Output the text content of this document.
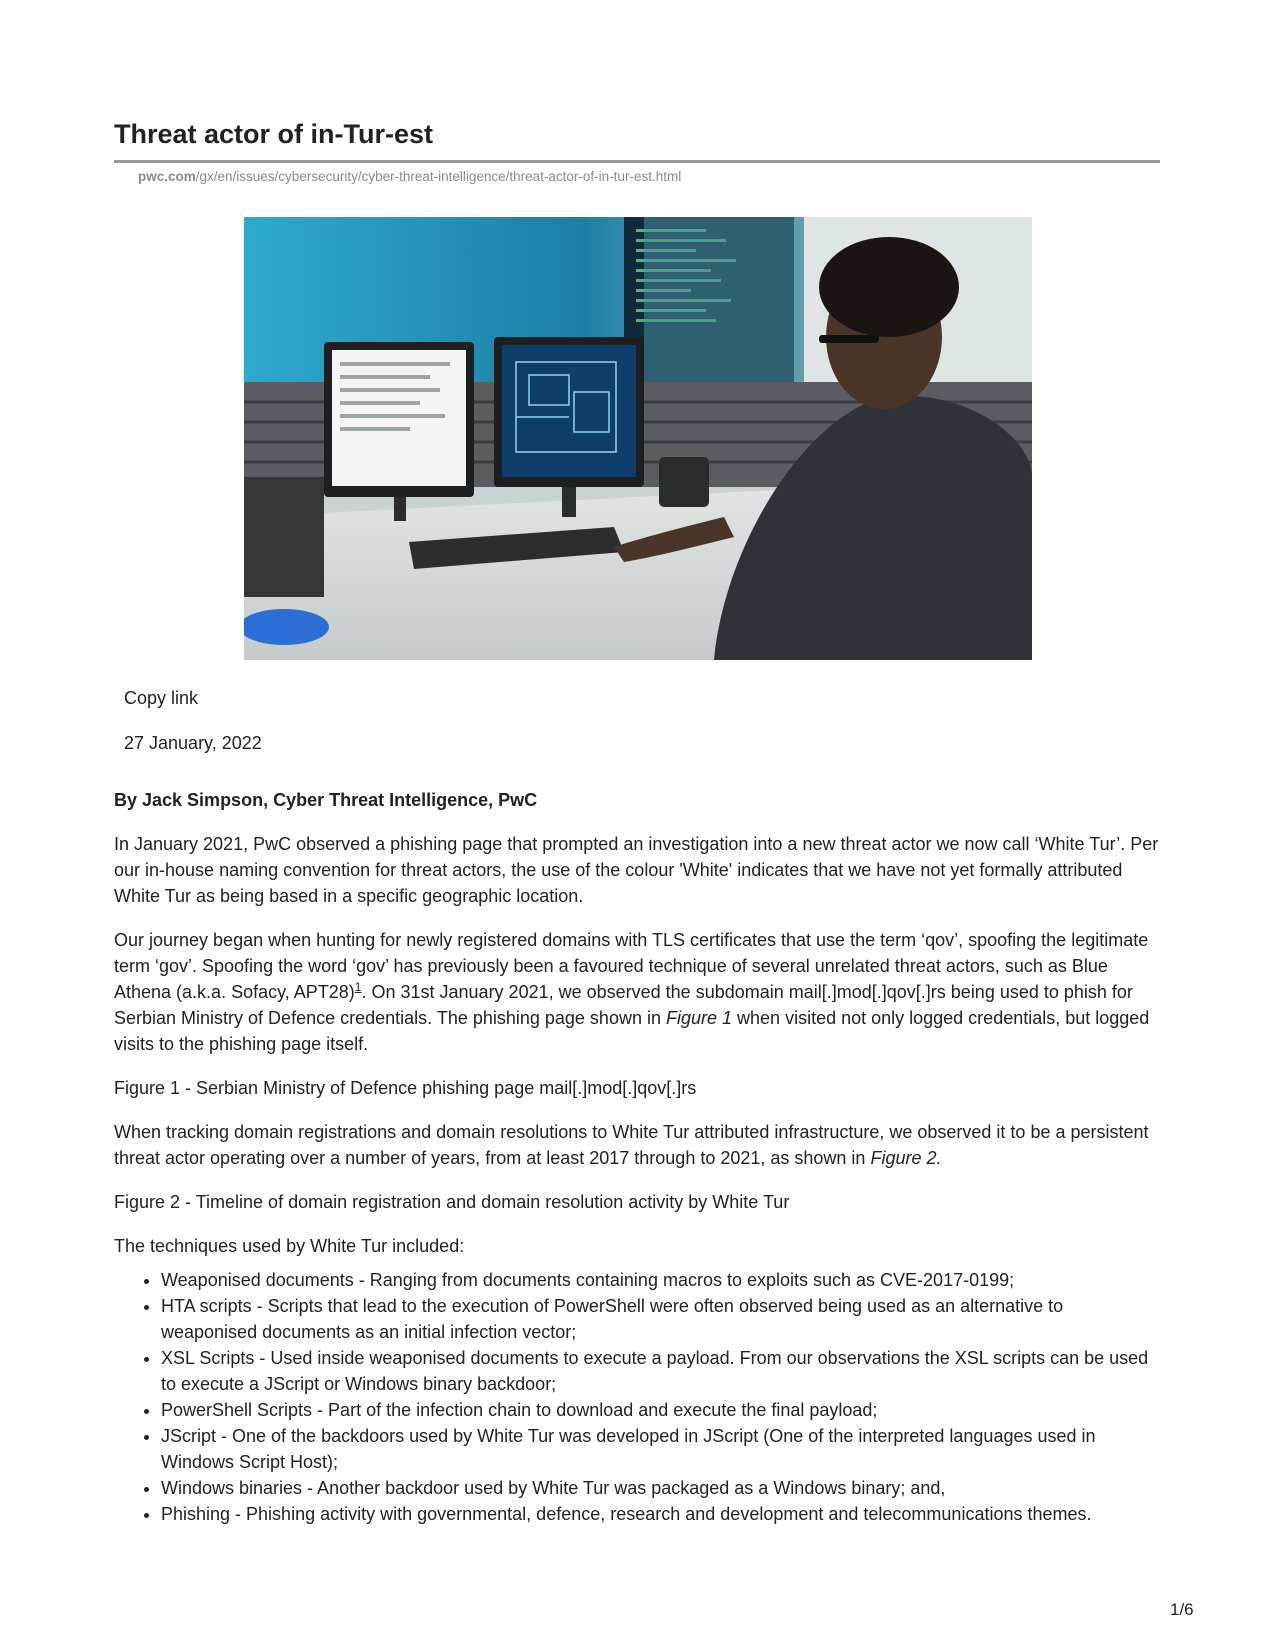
Threat actor of in-Tur-est
pwc.com/gx/en/issues/cybersecurity/cyber-threat-intelligence/threat-actor-of-in-tur-est.html
Copy link
27 January, 2022

By Jack Simpson, Cyber Threat Intelligence, PwC

In January 2021, PwC observed a phishing page that prompted an investigation into a new threat actor we now call ‘White Tur’. Per our in-house naming convention for threat actors, the use of the colour 'White' indicates that we have not yet formally attributed White Tur as being based in a specific geographic location.

Our journey began when hunting for newly registered domains with TLS certificates that use the term ‘qov’, spoofing the legitimate term ‘gov’. Spoofing the word ‘gov’ has previously been a favoured technique of several unrelated threat actors, such as Blue Athena (a.k.a. Sofacy, APT28)$^1$. On 31st January 2021, we observed the subdomain mail[.]mod[.]qov[.]rs being used to phish for Serbian Ministry of Defence credentials. The phishing page shown in Figure 1 when visited not only logged credentials, but logged visits to the phishing page itself.

Figure 1 - Serbian Ministry of Defence phishing page mail[.]mod[.]qov[.]rs

When tracking domain registrations and domain resolutions to White Tur attributed infrastructure, we observed it to be a persistent threat actor operating over a number of years, from at least 2017 through to 2021, as shown in Figure 2.

Figure 2 - Timeline of domain registration and domain resolution activity by White Tur

The techniques used by White Tur included:

• Weaponised documents - Ranging from documents containing macros to exploits such as CVE-2017-0199;
• HTA scripts - Scripts that lead to the execution of PowerShell were often observed being used as an alternative to weaponised documents as an initial infection vector;
• XSL Scripts - Used inside weaponised documents to execute a payload. From our observations the XSL scripts can be used to execute a JScript or Windows binary backdoor;
• PowerShell Scripts - Part of the infection chain to download and execute the final payload;
• JScript - One of the backdoors used by White Tur was developed in JScript (One of the interpreted languages used in Windows Script Host);
• Windows binaries - Another backdoor used by White Tur was packaged as a Windows binary; and,
• Phishing - Phishing activity with governmental, defence, research and development and telecommunications themes.
1/6
